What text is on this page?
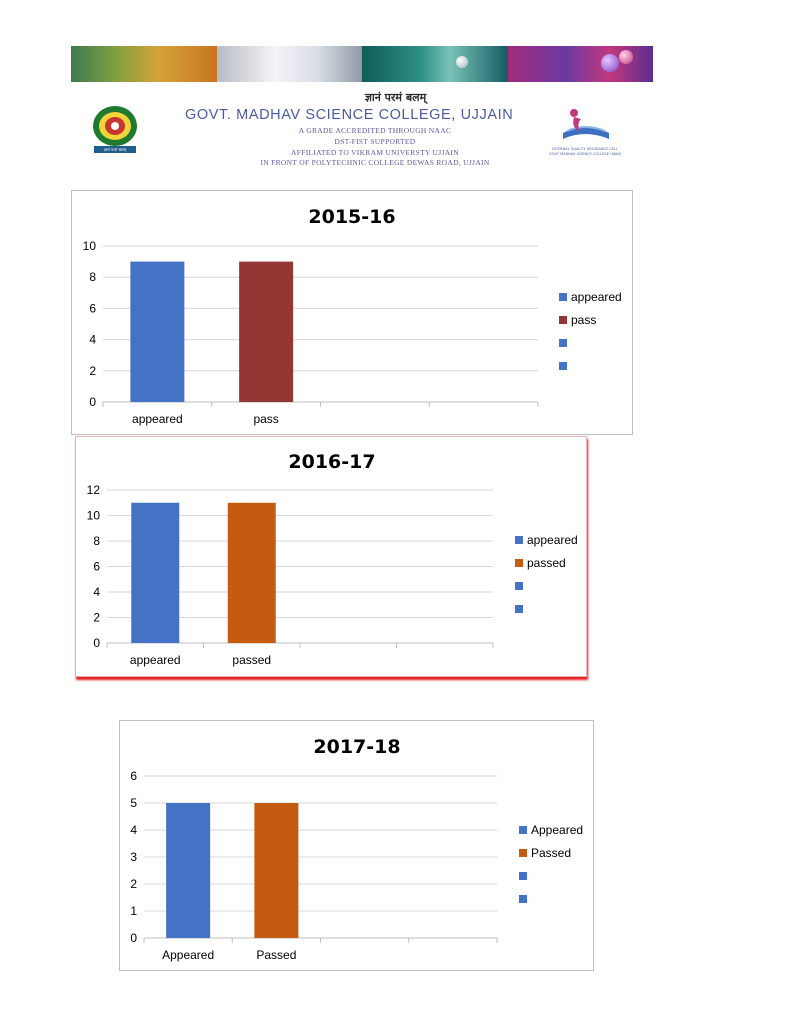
ज्ञानं परमं बलम्
ज्ञानं परमं बलम्
GOVT. MADHAV SCIENCE COLLEGE, UJJAIN
A GRADE ACCREDITED THROUGH NAAC
DST-FIST SUPPORTED
AFFILIATED TO VIKRAM UNIVERSTY UJJAIN
IN FRONT OF POLYTECHNIC COLLEGE DEWAS ROAD, UJJAIN
INTERNAL QUALITY ASSURANCE CELL
GOVT MADHAV SCIENCE COLLEGE UJJAIN
2015-16
0
2
4
6
8
10
appeared	pass
appeared
pass
2016-17
0
2
4
6
8
10
12
appeared	passed
appeared
passed
2017-18
0
1
2
3
4
5
6
Appeared	Passed
Appeared
Passed
